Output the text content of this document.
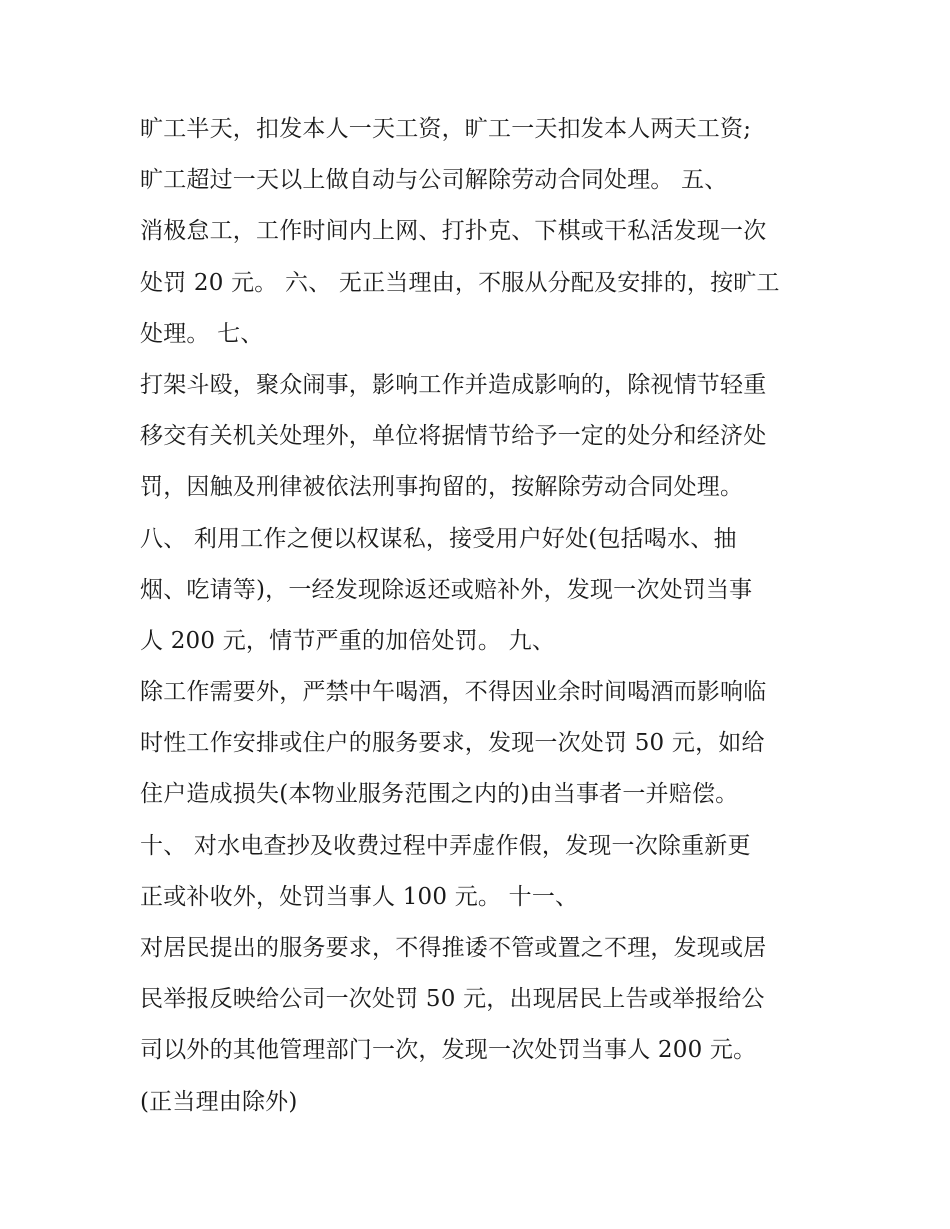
旷工半天，扣发本人一天工资，旷工一天扣发本人两天工资;
旷工超过一天以上做自动与公司解除劳动合同处理。 五、
消极怠工，工作时间内上网、打扑克、下棋或干私活发现一次
处罚 20 元。 六、 无正当理由，不服从分配及安排的，按旷工
处理。 七、
打架斗殴，聚众闹事，影响工作并造成影响的，除视情节轻重
移交有关机关处理外，单位将据情节给予一定的处分和经济处
罚，因触及刑律被依法刑事拘留的，按解除劳动合同处理。
八、 利用工作之便以权谋私，接受用户好处(包括喝水、抽
烟、吃请等)，一经发现除返还或赔补外，发现一次处罚当事
人 200 元，情节严重的加倍处罚。 九、
除工作需要外，严禁中午喝酒，不得因业余时间喝酒而影响临
时性工作安排或住户的服务要求，发现一次处罚 50 元，如给
住户造成损失(本物业服务范围之内的)由当事者一并赔偿。
十、 对水电查抄及收费过程中弄虚作假，发现一次除重新更
正或补收外，处罚当事人 100 元。 十一、
对居民提出的服务要求，不得推诿不管或置之不理，发现或居
民举报反映给公司一次处罚 50 元，出现居民上告或举报给公
司以外的其他管理部门一次，发现一次处罚当事人 200 元。
(正当理由除外)
